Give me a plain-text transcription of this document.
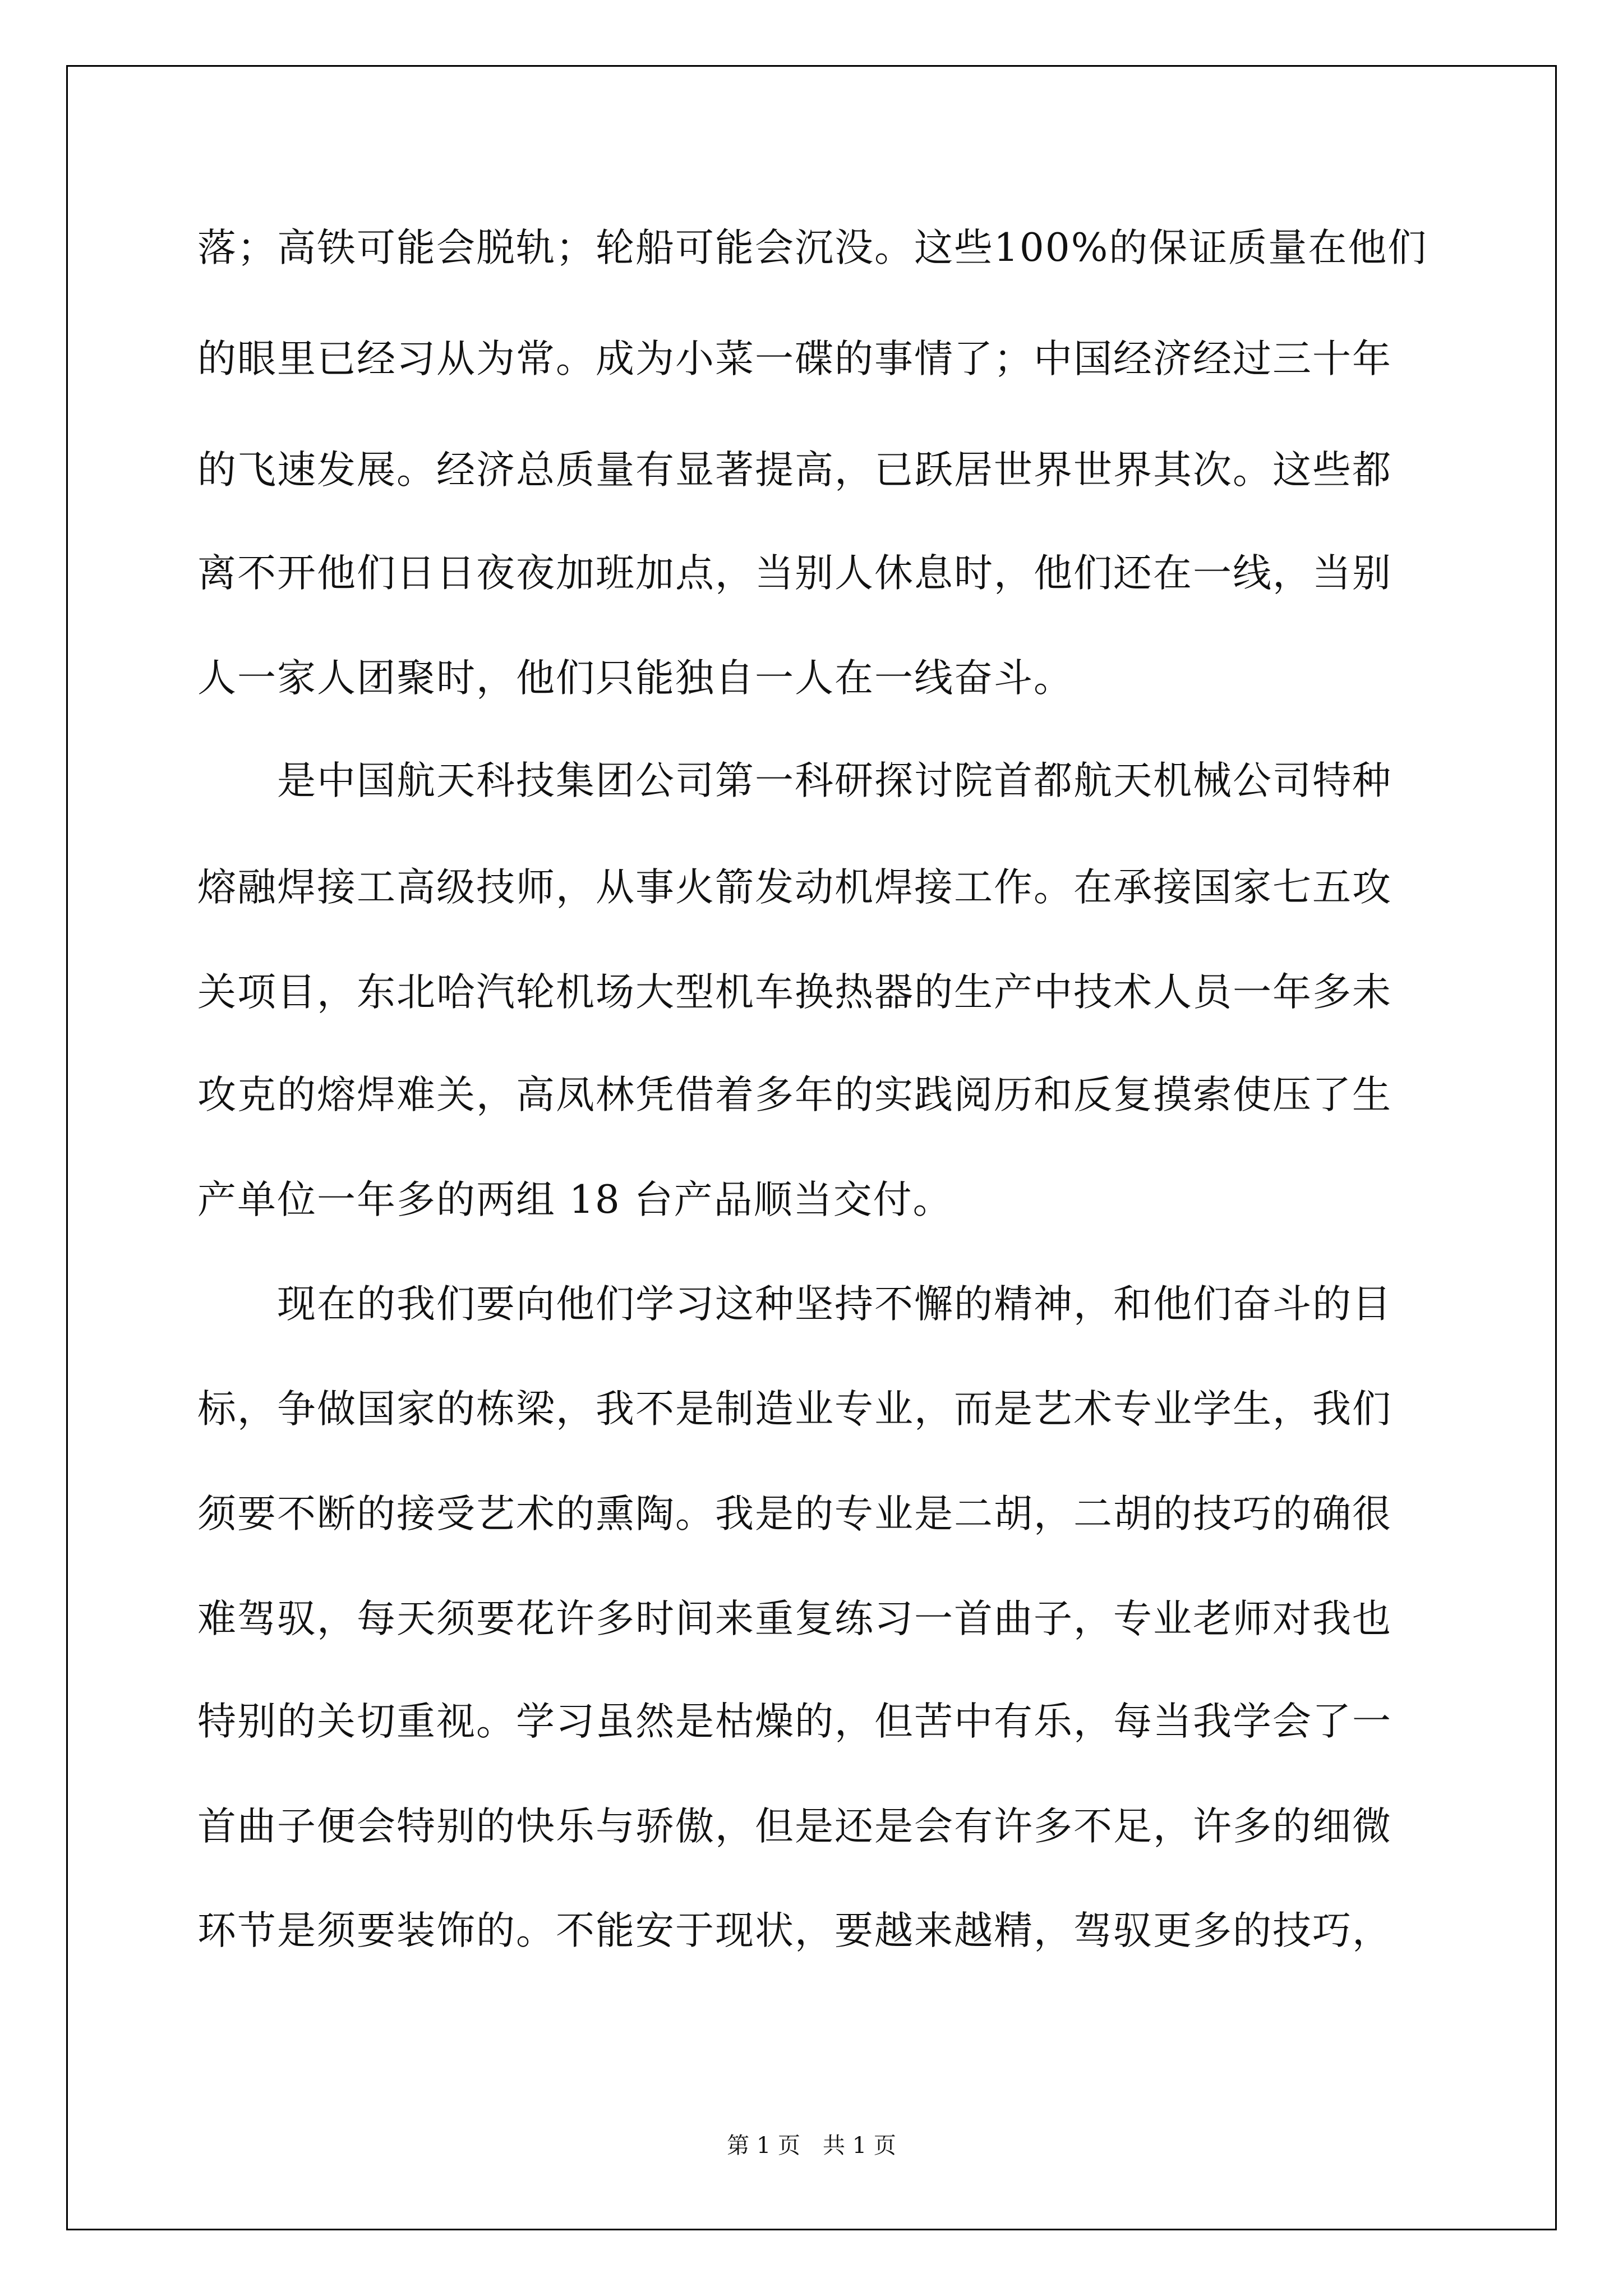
落；高铁可能会脱轨；轮船可能会沉没。这些100%的保证质量在他们
的眼里已经习从为常。成为小菜一碟的事情了；中国经济经过三十年
的飞速发展。经济总质量有显著提高，已跃居世界世界其次。这些都
离不开他们日日夜夜加班加点，当别人休息时，他们还在一线，当别
人一家人团聚时，他们只能独自一人在一线奋斗。
　　是中国航天科技集团公司第一科研探讨院首都航天机械公司特种
熔融焊接工高级技师，从事火箭发动机焊接工作。在承接国家七五攻
关项目，东北哈汽轮机场大型机车换热器的生产中技术人员一年多未
攻克的熔焊难关，高凤林凭借着多年的实践阅历和反复摸索使压了生
产单位一年多的两组 18 台产品顺当交付。
　　现在的我们要向他们学习这种坚持不懈的精神，和他们奋斗的目
标，争做国家的栋梁，我不是制造业专业，而是艺术专业学生，我们
须要不断的接受艺术的熏陶。我是的专业是二胡，二胡的技巧的确很
难驾驭，每天须要花许多时间来重复练习一首曲子，专业老师对我也
特别的关切重视。学习虽然是枯燥的，但苦中有乐，每当我学会了一
首曲子便会特别的快乐与骄傲，但是还是会有许多不足，许多的细微
环节是须要装饰的。不能安于现状，要越来越精，驾驭更多的技巧，
第 1 页　共 1 页
